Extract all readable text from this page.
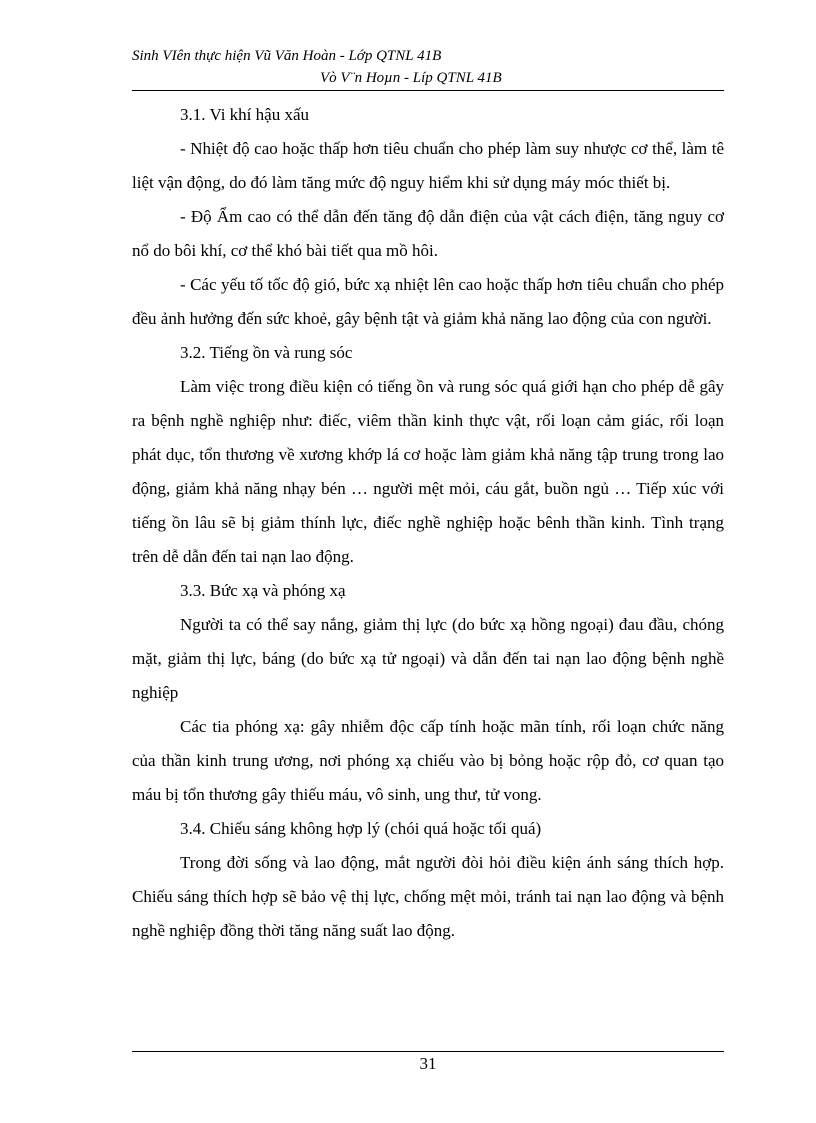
Sinh VIên thực hiện Vũ Văn Hoàn - Lớp QTNL 41B
Vò V¨n Hoµn - Líp QTNL 41B

3.1. Vi khí hậu xấu

- Nhiệt độ cao hoặc thấp hơn tiêu chuẩn cho phép làm suy nhược cơ thể, làm tê liệt vận động, do đó làm tăng mức độ nguy hiểm khi sử dụng máy móc thiết bị.

- Độ Ẩm cao có thể dẫn đến tăng độ dẫn điện của vật cách điện, tăng nguy cơ nổ do bôi khí, cơ thể khó bài tiết qua mồ hôi.

- Các yếu tố tốc độ gió, bức xạ nhiệt lên cao hoặc thấp hơn tiêu chuẩn cho phép đều ảnh hưởng đến sức khoẻ, gây bệnh tật và giảm khả năng lao động của con người.

3.2. Tiếng ồn và rung sóc

Làm việc trong điều kiện có tiếng ồn và rung sóc quá giới hạn cho phép dễ gây ra bệnh nghề nghiệp như: điếc, viêm thần kinh thực vật, rối loạn cảm giác, rối loạn phát dục, tổn thương về xương khớp lá cơ hoặc làm giảm khả năng tập trung trong lao động, giảm khả năng nhạy bén … người mệt mỏi, cáu gắt, buồn ngủ … Tiếp xúc với tiếng ồn lâu sẽ bị giảm thính lực, điếc nghề nghiệp hoặc bênh thần kinh. Tình trạng trên dễ dẫn đến tai nạn lao động.

3.3. Bức xạ và phóng xạ

Người ta có thể say nắng, giảm thị lực (do bức xạ hồng ngoại) đau đầu, chóng mặt, giảm thị lực, báng (do bức xạ tử ngoại) và dẫn đến tai nạn lao động bệnh nghề nghiệp

Các tia phóng xạ: gây nhiễm độc cấp tính hoặc mãn tính, rối loạn chức năng của thần kinh trung ương, nơi phóng xạ chiếu vào bị bỏng hoặc rộp đỏ, cơ quan tạo máu bị tổn thương gây thiếu máu, vô sinh, ung thư, tử vong.

3.4. Chiếu sáng không hợp lý (chói quá hoặc tối quá)

Trong đời sống và lao động, mắt người đòi hỏi điều kiện ánh sáng thích hợp. Chiếu sáng thích hợp sẽ bảo vệ thị lực, chống mệt mỏi, tránh tai nạn lao động và bệnh nghề nghiệp đồng thời tăng năng suất lao động.

31
